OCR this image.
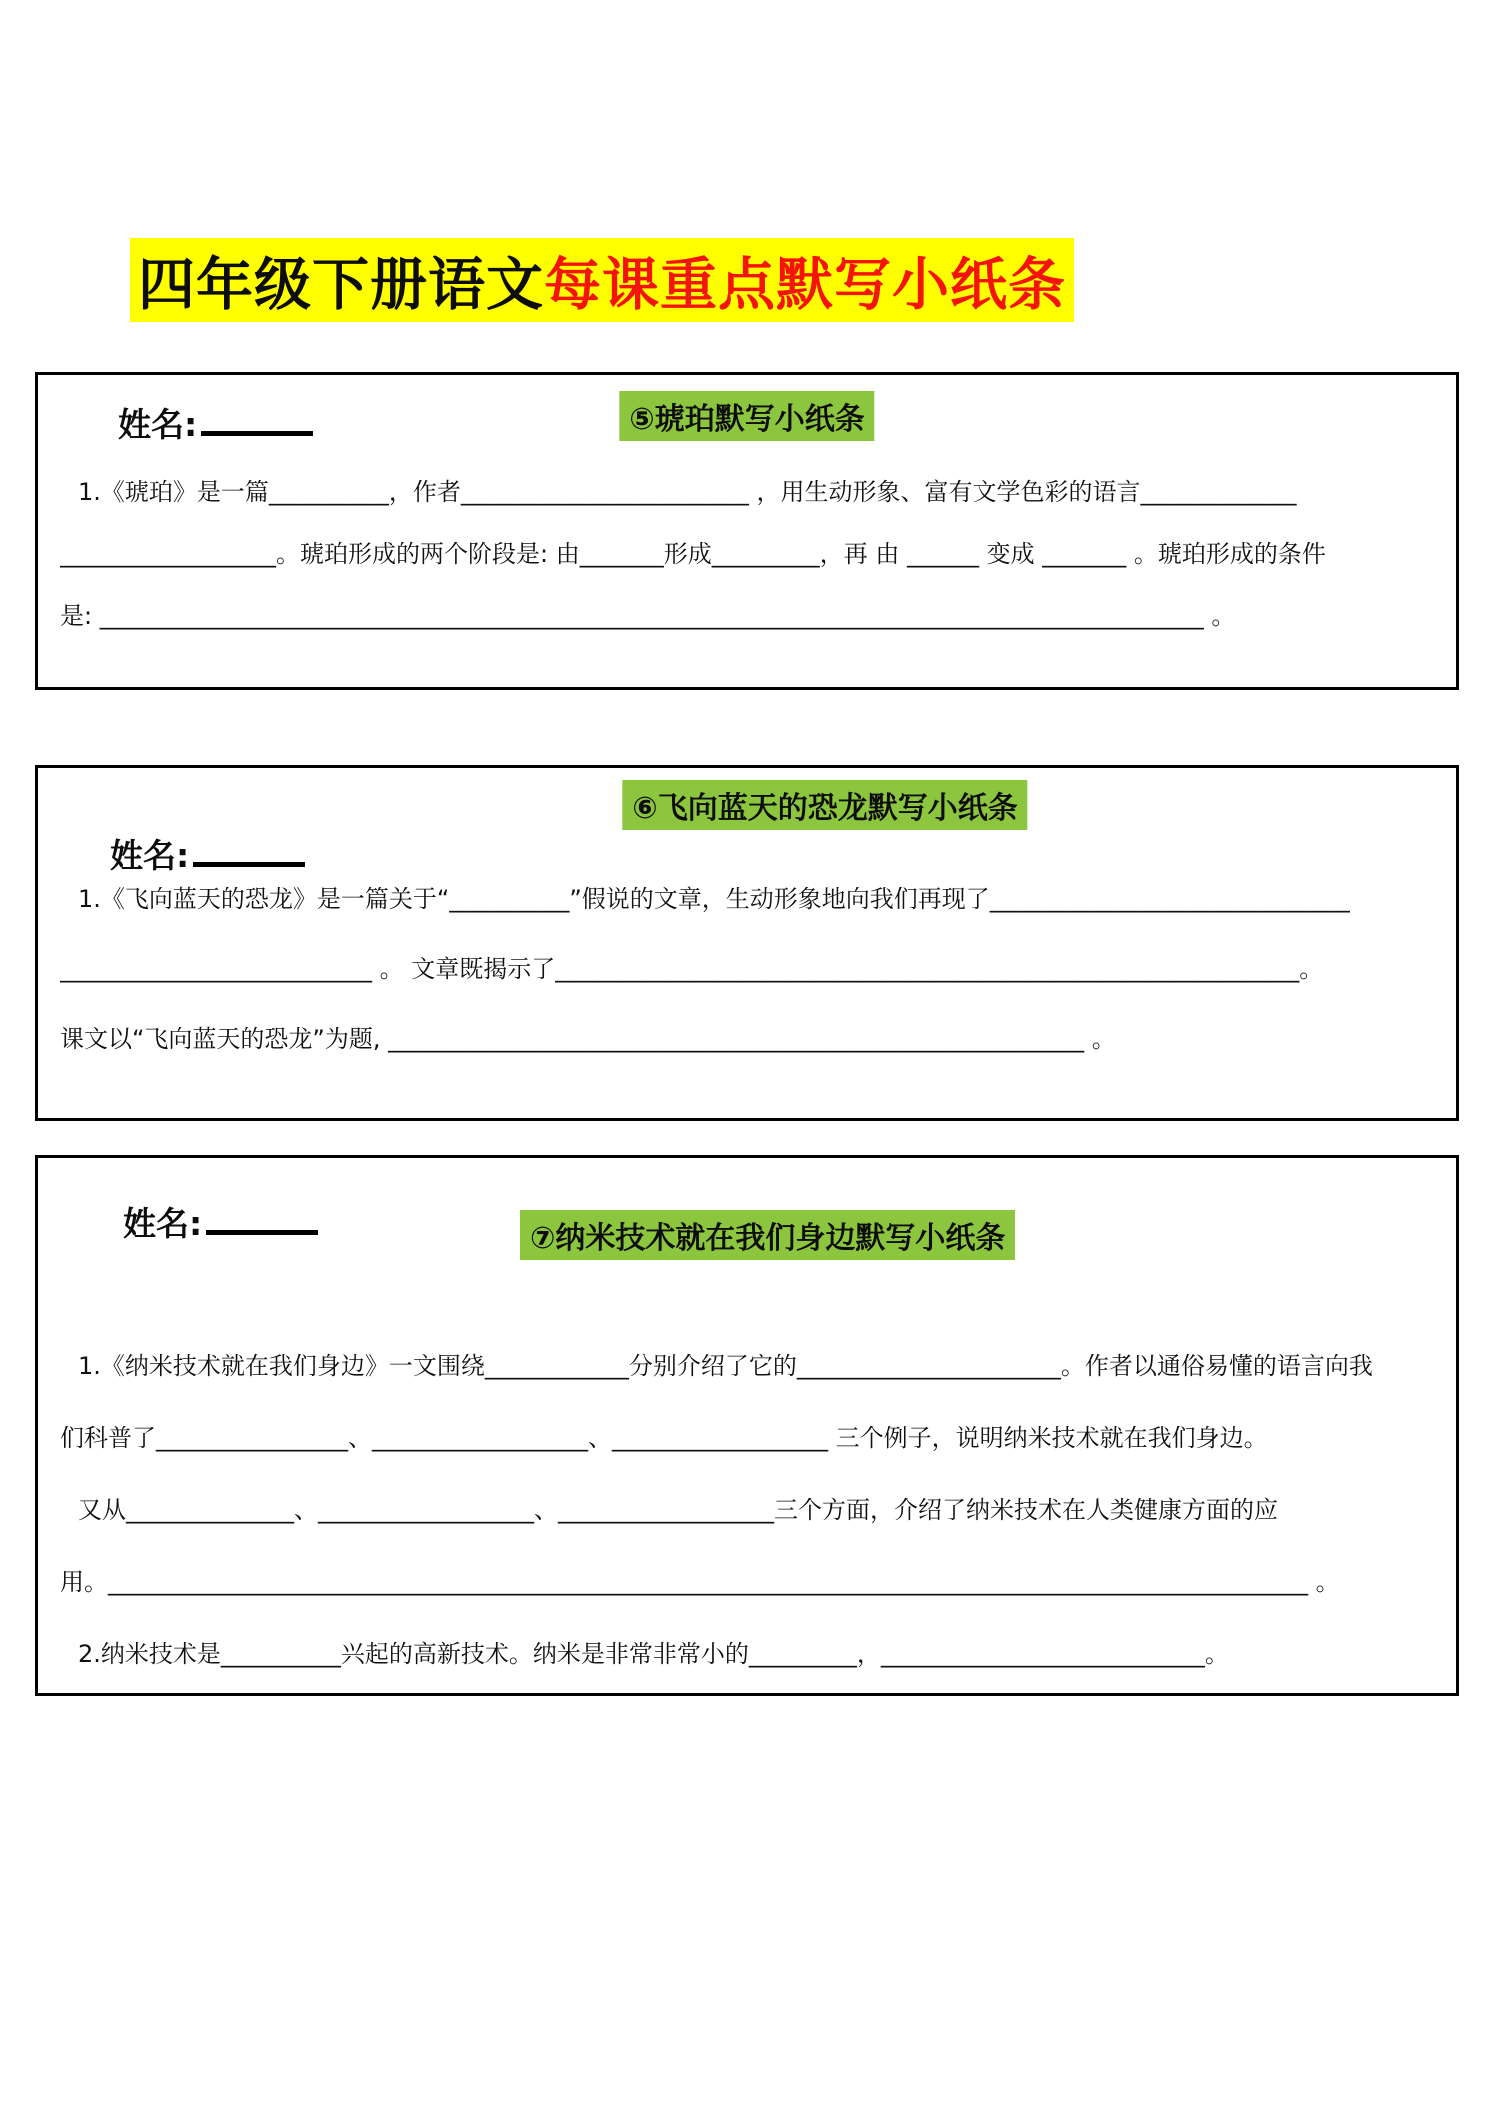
四年级下册语文 每课重点默写小纸条
姓名:	⑤琥珀默写小纸条
1.《琥珀》是一篇__________，作者________________________ ，用生动形象、富有文学色彩的语言_____________
__________________。琥珀形成的两个阶段是: 由_______形成_________，再 由 ______ 变成 _______ 。琥珀形成的条件
是: ____________________________________________________________________________________________ 。
⑥飞向蓝天的恐龙默写小纸条
姓名:
1.《飞向蓝天的恐龙》是一篇关于“__________”假说的文章，生动形象地向我们再现了______________________________
__________________________ 。 文章既揭示了______________________________________________________________。
课文以“飞向蓝天的恐龙”为题, __________________________________________________________ 。
姓名:	⑦纳米技术就在我们身边默写小纸条
1.《纳米技术就在我们身边》一文围绕____________分别介绍了它的______________________。作者以通俗易懂的语言向我
们科普了________________、__________________、__________________ 三个例子，说明纳米技术就在我们身边。
又从______________、__________________、__________________三个方面，介绍了纳米技术在人类健康方面的应
用。____________________________________________________________________________________________________ 。
2.纳米技术是__________兴起的高新技术。纳米是非常非常小的_________，___________________________。
